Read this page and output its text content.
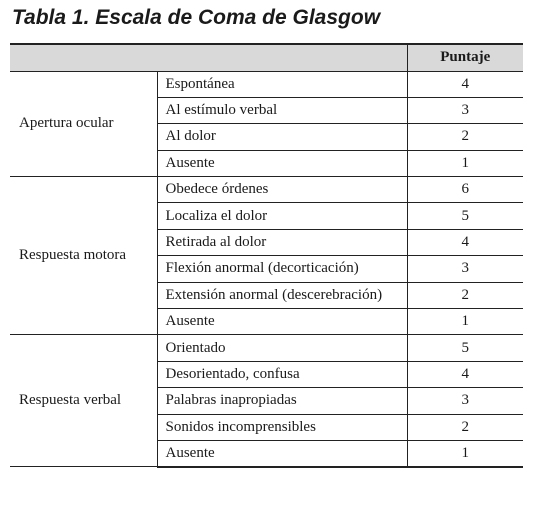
Tabla 1. Escala de Coma de Glasgow
		Puntaje
Apertura ocular	Espontánea	4
	Al estímulo verbal	3
	Al dolor	2
	Ausente	1
Respuesta motora	Obedece órdenes	6
	Localiza el dolor	5
	Retirada al dolor	4
	Flexión anormal (decorticación)	3
	Extensión anormal (descerebración)	2
	Ausente	1
Respuesta verbal	Orientado	5
	Desorientado, confusa	4
	Palabras inapropiadas	3
	Sonidos incomprensibles	2
	Ausente	1
